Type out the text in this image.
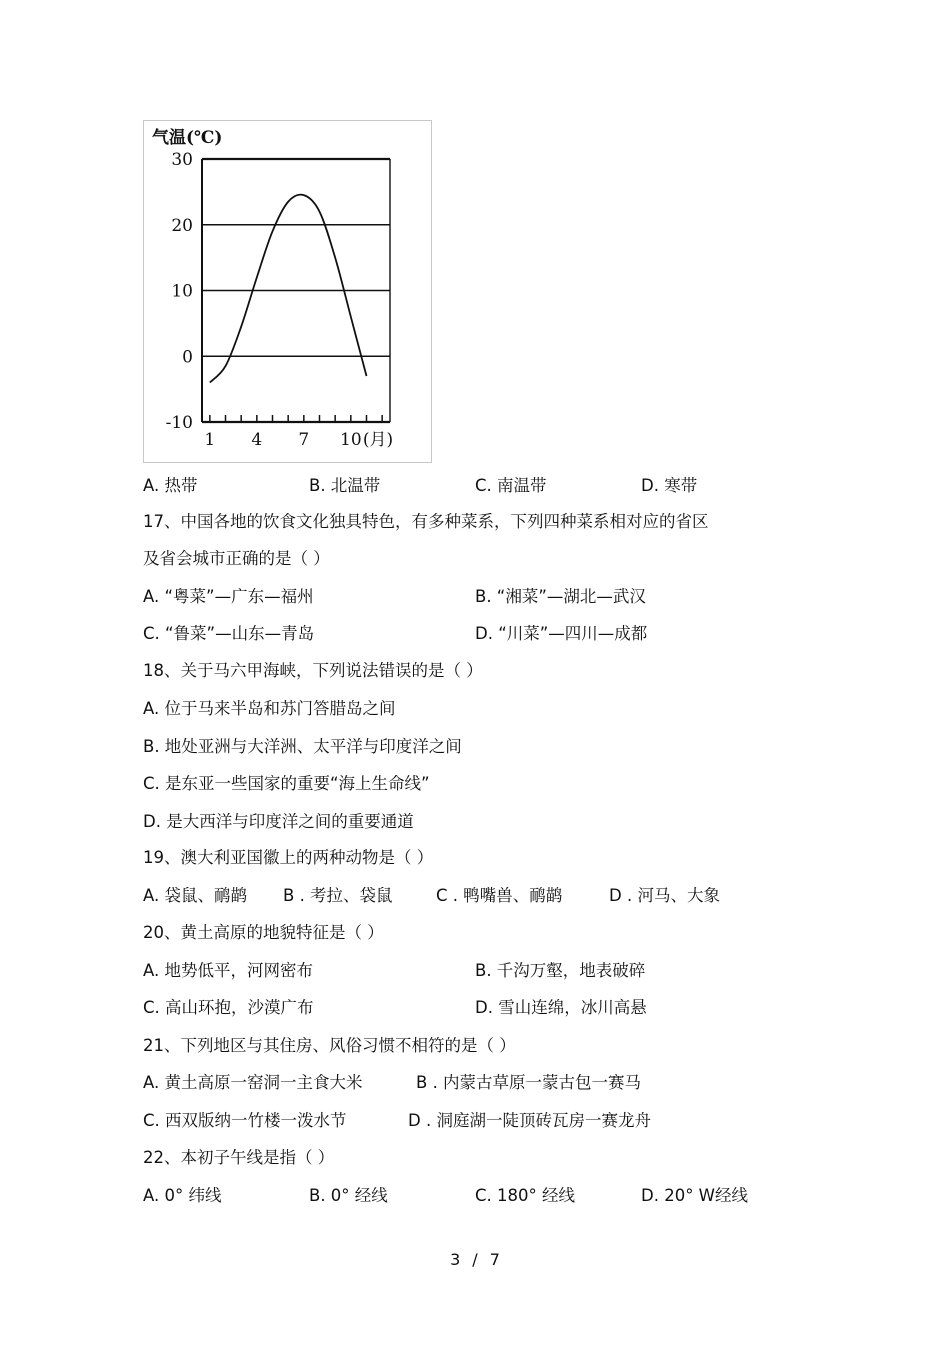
气温(℃)
30
20
10
0
-10
1 4 7 10 (月)
A. 热带	B. 北温带	C. 南温带	D. 寒带
17、中国各地的饮食文化独具特色，有多种菜系，下列四种菜系相对应的省区
及省会城市正确的是（ ）
A. “粤菜”—广东—福州	B. “湘菜”—湖北—武汉
C. “鲁菜”—山东—青岛	D. “川菜”—四川—成都
18、关于马六甲海峡，下列说法错误的是（ ）
A. 位于马来半岛和苏门答腊岛之间
B. 地处亚洲与大洋洲、太平洋与印度洋之间
C. 是东亚一些国家的重要“海上生命线”
D. 是大西洋与印度洋之间的重要通道
19、澳大利亚国徽上的两种动物是（ ）
A. 袋鼠、鸸鹋 B . 考拉、袋鼠	C . 鸭嘴兽、鸸鹋	D . 河马、大象
20、黄土高原的地貌特征是（ ）
A. 地势低平，河网密布	B. 千沟万壑，地表破碎
C. 高山环抱，沙漠广布	D. 雪山连绵，冰川高悬
21、下列地区与其住房、风俗习惯不相符的是（ ）
A. 黄土高原一窑洞一主食大米	B . 内蒙古草原一蒙古包一赛马
C. 西双版纳一竹楼一泼水节	D . 洞庭湖一陡顶砖瓦房一赛龙舟
22、本初子午线是指（ ）
A. 0° 纬线	B. 0° 经线	C. 180° 经线	D. 20° W经线
3 / 7
